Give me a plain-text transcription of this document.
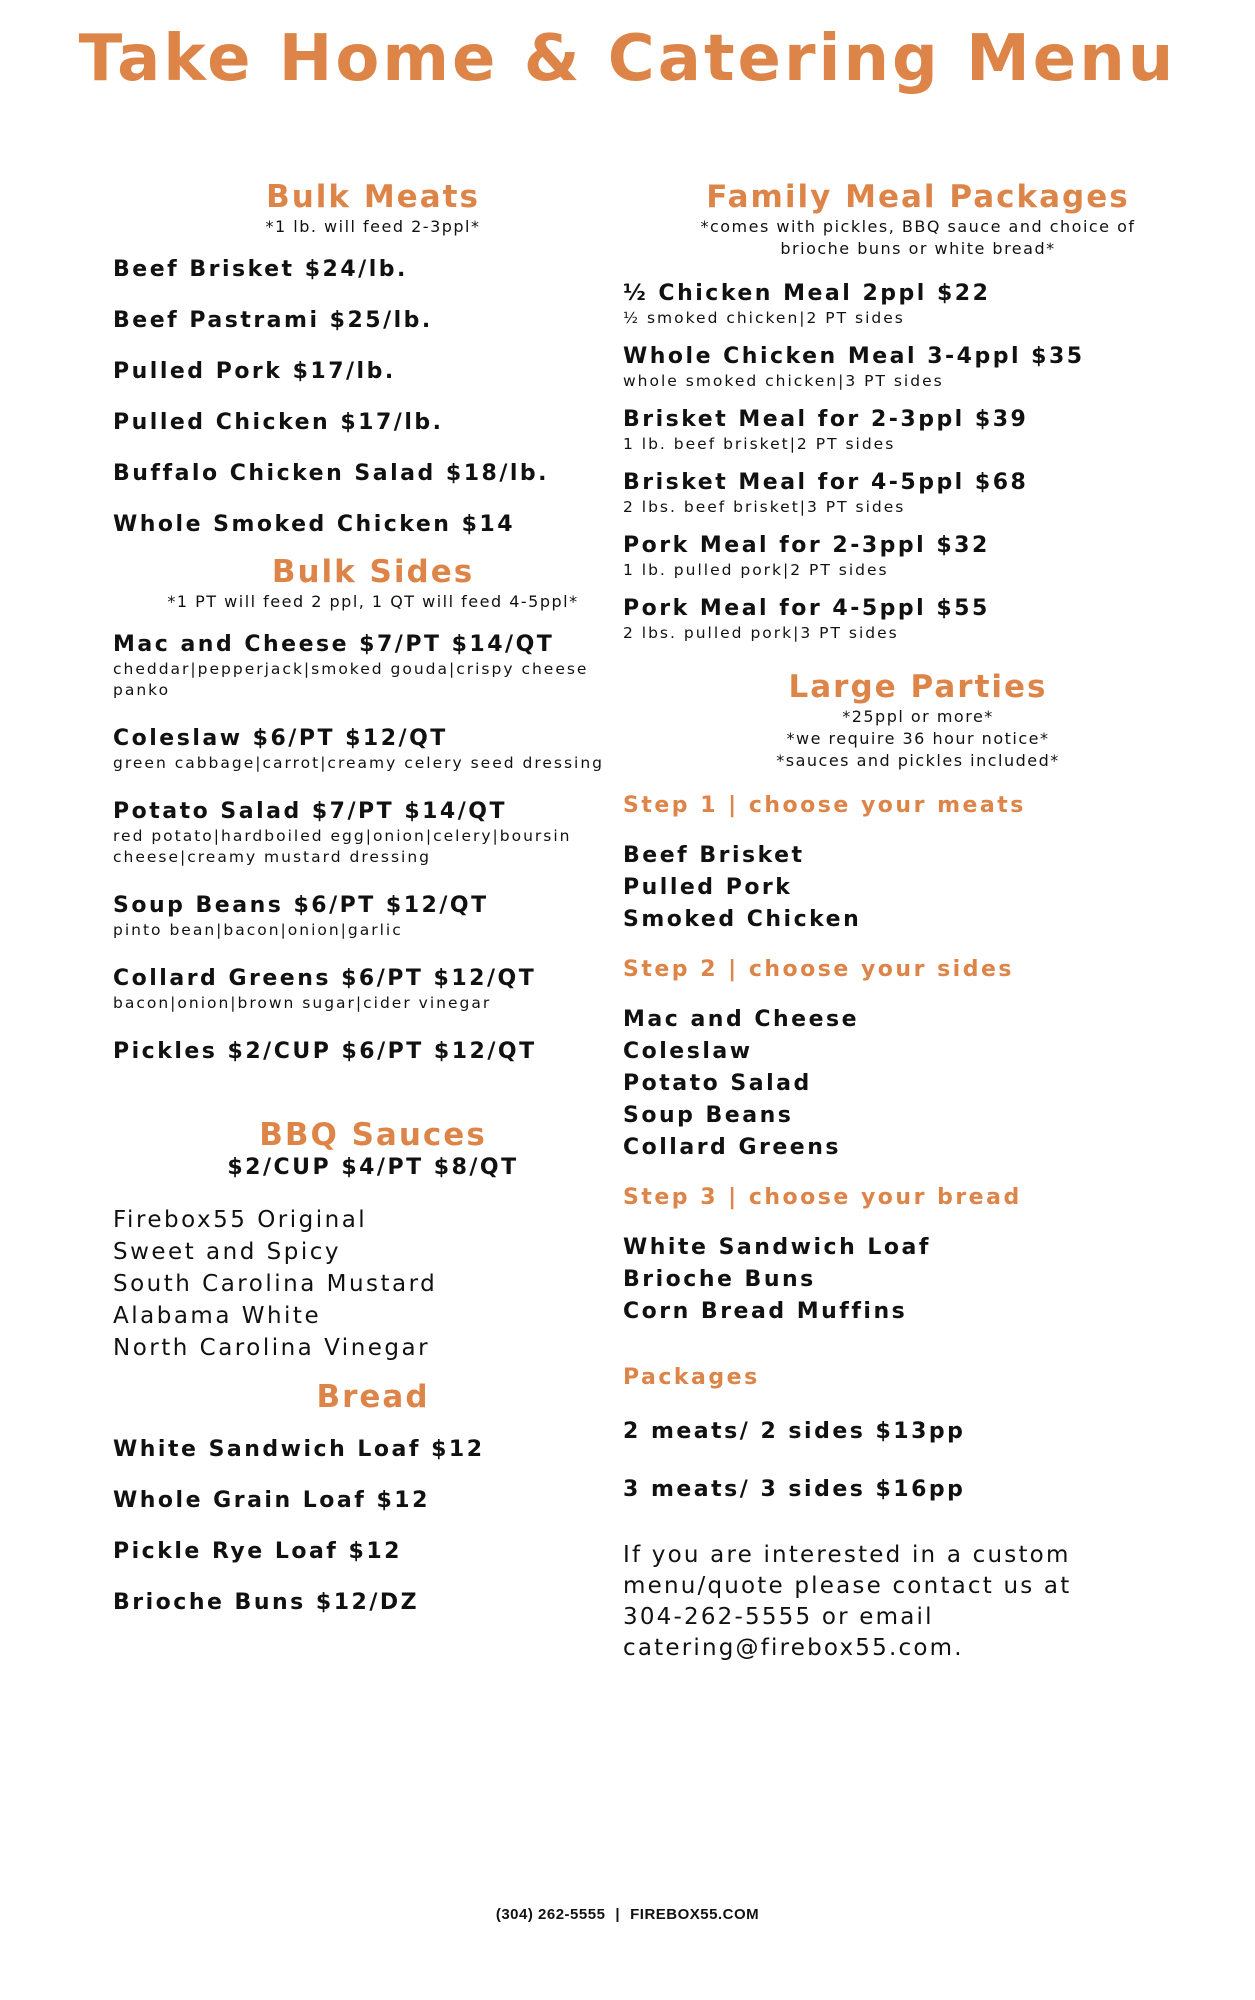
Take Home & Catering Menu
Bulk Meats

*1 lb. will feed 2-3ppl*

Beef Brisket $24/lb.
Beef Pastrami $25/lb.
Pulled Pork $17/lb.
Pulled Chicken $17/lb.
Buffalo Chicken Salad $18/lb.
Whole Smoked Chicken $14
Bulk Sides

*1 PT will feed 2 ppl, 1 QT will feed 4-5ppl*

Mac and Cheese $7/PT $14/QT
cheddar|pepperjack|smoked gouda|crispy cheese panko
Coleslaw $6/PT $12/QT
green cabbage|carrot|creamy celery seed dressing
Potato Salad $7/PT $14/QT
red potato|hardboiled egg|onion|celery|boursin cheese|creamy mustard dressing
Soup Beans $6/PT $12/QT
pinto bean|bacon|onion|garlic
Collard Greens $6/PT $12/QT
bacon|onion|brown sugar|cider vinegar
Pickles $2/CUP $6/PT $12/QT
BBQ Sauces
$2/CUP $4/PT $8/QT
Firebox55 Original
Sweet and Spicy
South Carolina Mustard
Alabama White
North Carolina Vinegar
Bread
White Sandwich Loaf $12
Whole Grain Loaf $12
Pickle Rye Loaf $12
Brioche Buns $12/DZ
Family Meal Packages

*comes with pickles, BBQ sauce and choice of brioche buns or white bread*

½ Chicken Meal 2ppl $22
½ smoked chicken|2 PT sides
Whole Chicken Meal 3-4ppl $35
whole smoked chicken|3 PT sides
Brisket Meal for 2-3ppl $39
1 lb. beef brisket|2 PT sides
Brisket Meal for 4-5ppl $68
2 lbs. beef brisket|3 PT sides
Pork Meal for 2-3ppl $32
1 lb. pulled pork|2 PT sides
Pork Meal for 4-5ppl $55
2 lbs. pulled pork|3 PT sides
Large Parties

*25ppl or more*

*we require 36 hour notice*

*sauces and pickles included*

Step 1 | choose your meats
Beef Brisket
Pulled Pork
Smoked Chicken
Step 2 | choose your sides
Mac and Cheese
Coleslaw
Potato Salad
Soup Beans
Collard Greens
Step 3 | choose your bread
White Sandwich Loaf
Brioche Buns
Corn Bread Muffins
Packages
2 meats/ 2 sides $13pp
3 meats/ 3 sides $16pp
If you are interested in a custom menu/quote please contact us at 304-262-5555 or email catering@firebox55.com.
(304) 262-5555 | FIREBOX55.COM
